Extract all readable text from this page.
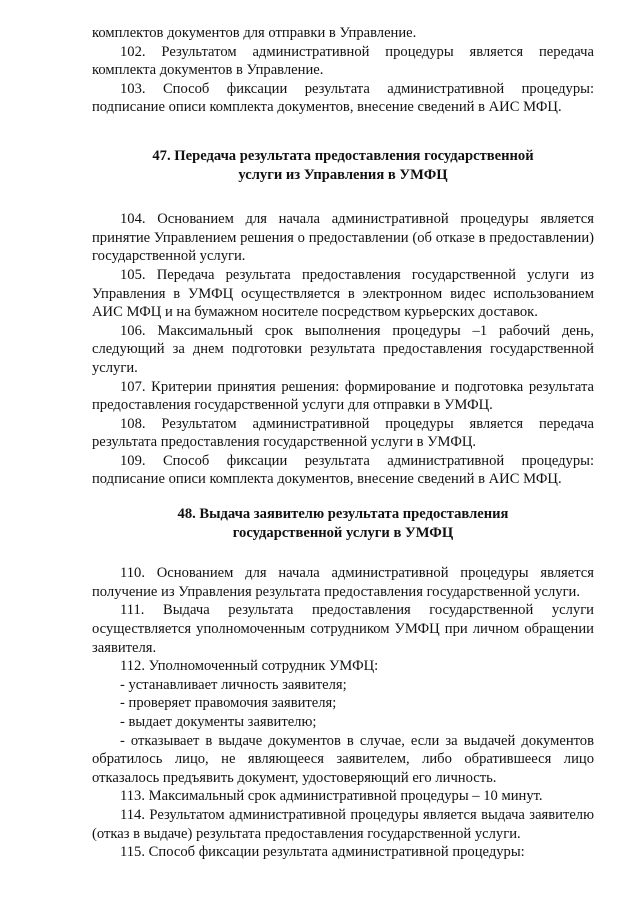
комплектов документов для отправки в Управление.

102. Результатом административной процедуры является передача комплекта документов в Управление.

103. Способ фиксации результата административной процедуры: подписание описи комплекта документов, внесение сведений в АИС МФЦ.

47. Передача результата предоставления государственной
услуги из Управления в УМФЦ

104. Основанием для начала административной процедуры является принятие Управлением решения о предоставлении (об отказе в предоставлении) государственной услуги.

105. Передача результата предоставления государственной услуги из Управления в УМФЦ осуществляется в электронном видес использованием АИС МФЦ и на бумажном носителе посредством курьерских доставок.

106. Максимальный срок выполнения процедуры –1 рабочий день, следующий за днем подготовки результата предоставления государственной услуги.

107. Критерии принятия решения: формирование и подготовка результата предоставления государственной услуги для отправки в УМФЦ.

108. Результатом административной процедуры является передача результата предоставления государственной услуги в УМФЦ.

109. Способ фиксации результата административной процедуры: подписание описи комплекта документов, внесение сведений в АИС МФЦ.

48. Выдача заявителю результата предоставления
государственной услуги в УМФЦ

110. Основанием для начала административной процедуры является получение из Управления результата предоставления государственной услуги.

111. Выдача результата предоставления государственной услуги осуществляется уполномоченным сотрудником УМФЦ при личном обращении заявителя.

112. Уполномоченный сотрудник УМФЦ:

- устанавливает личность заявителя;

- проверяет правомочия заявителя;

- выдает документы заявителю;

- отказывает в выдаче документов в случае, если за выдачей документов обратилось лицо, не являющееся заявителем, либо обратившееся лицо отказалось предъявить документ, удостоверяющий его личность.

113. Максимальный срок административной процедуры – 10 минут.

114. Результатом административной процедуры является выдача заявителю (отказ в выдаче) результата предоставления государственной услуги.

115. Способ фиксации результата административной процедуры:
